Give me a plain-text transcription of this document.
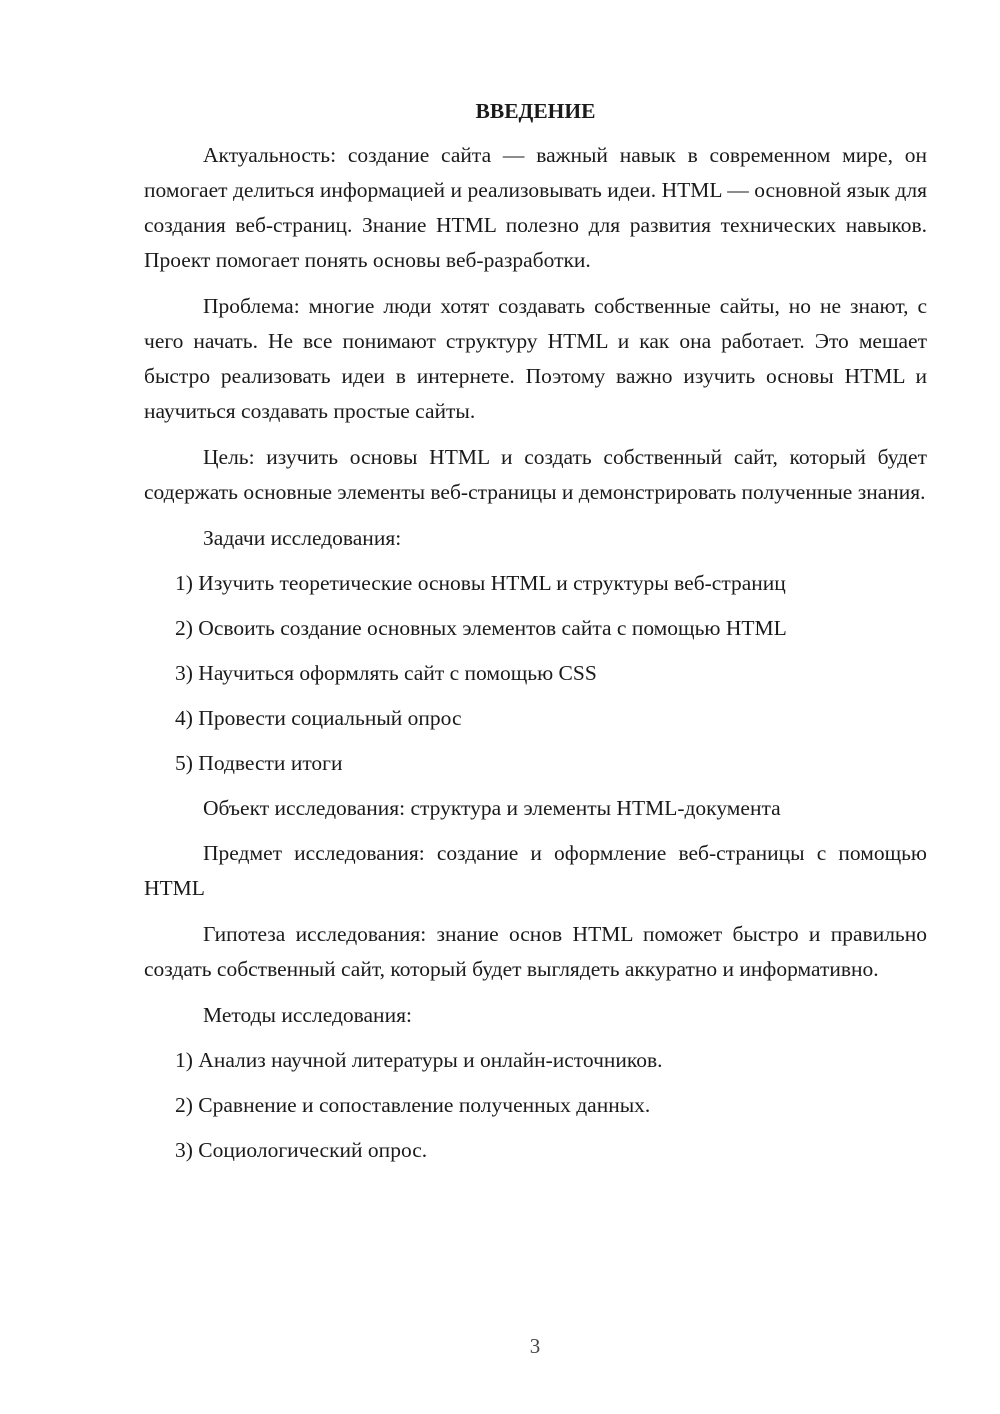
ВВЕДЕНИЕ

Актуальность: создание сайта — важный навык в современном мире, он помогает делиться информацией и реализовывать идеи. HTML — основной язык для создания веб-страниц. Знание HTML полезно для развития технических навыков. Проект помогает понять основы веб-разработки.

Проблема: многие люди хотят создавать собственные сайты, но не знают, с чего начать. Не все понимают структуру HTML и как она работает. Это мешает быстро реализовать идеи в интернете. Поэтому важно изучить основы HTML и научиться создавать простые сайты.

Цель: изучить основы HTML и создать собственный сайт, который будет содержать основные элементы веб-страницы и демонстрировать полученные знания.

Задачи исследования:

1) Изучить теоретические основы HTML и структуры веб-страниц
2) Освоить создание основных элементов сайта с помощью HTML
3) Научиться оформлять сайт с помощью CSS
4) Провести социальный опрос
5) Подвести итоги

Объект исследования: структура и элементы HTML-документа

Предмет исследования: создание и оформление веб-страницы с помощью HTML

Гипотеза исследования: знание основ HTML поможет быстро и правильно создать собственный сайт, который будет выглядеть аккуратно и информативно.

Методы исследования:

1) Анализ научной литературы и онлайн-источников.
2) Сравнение и сопоставление полученных данных.
3) Социологический опрос.
3
